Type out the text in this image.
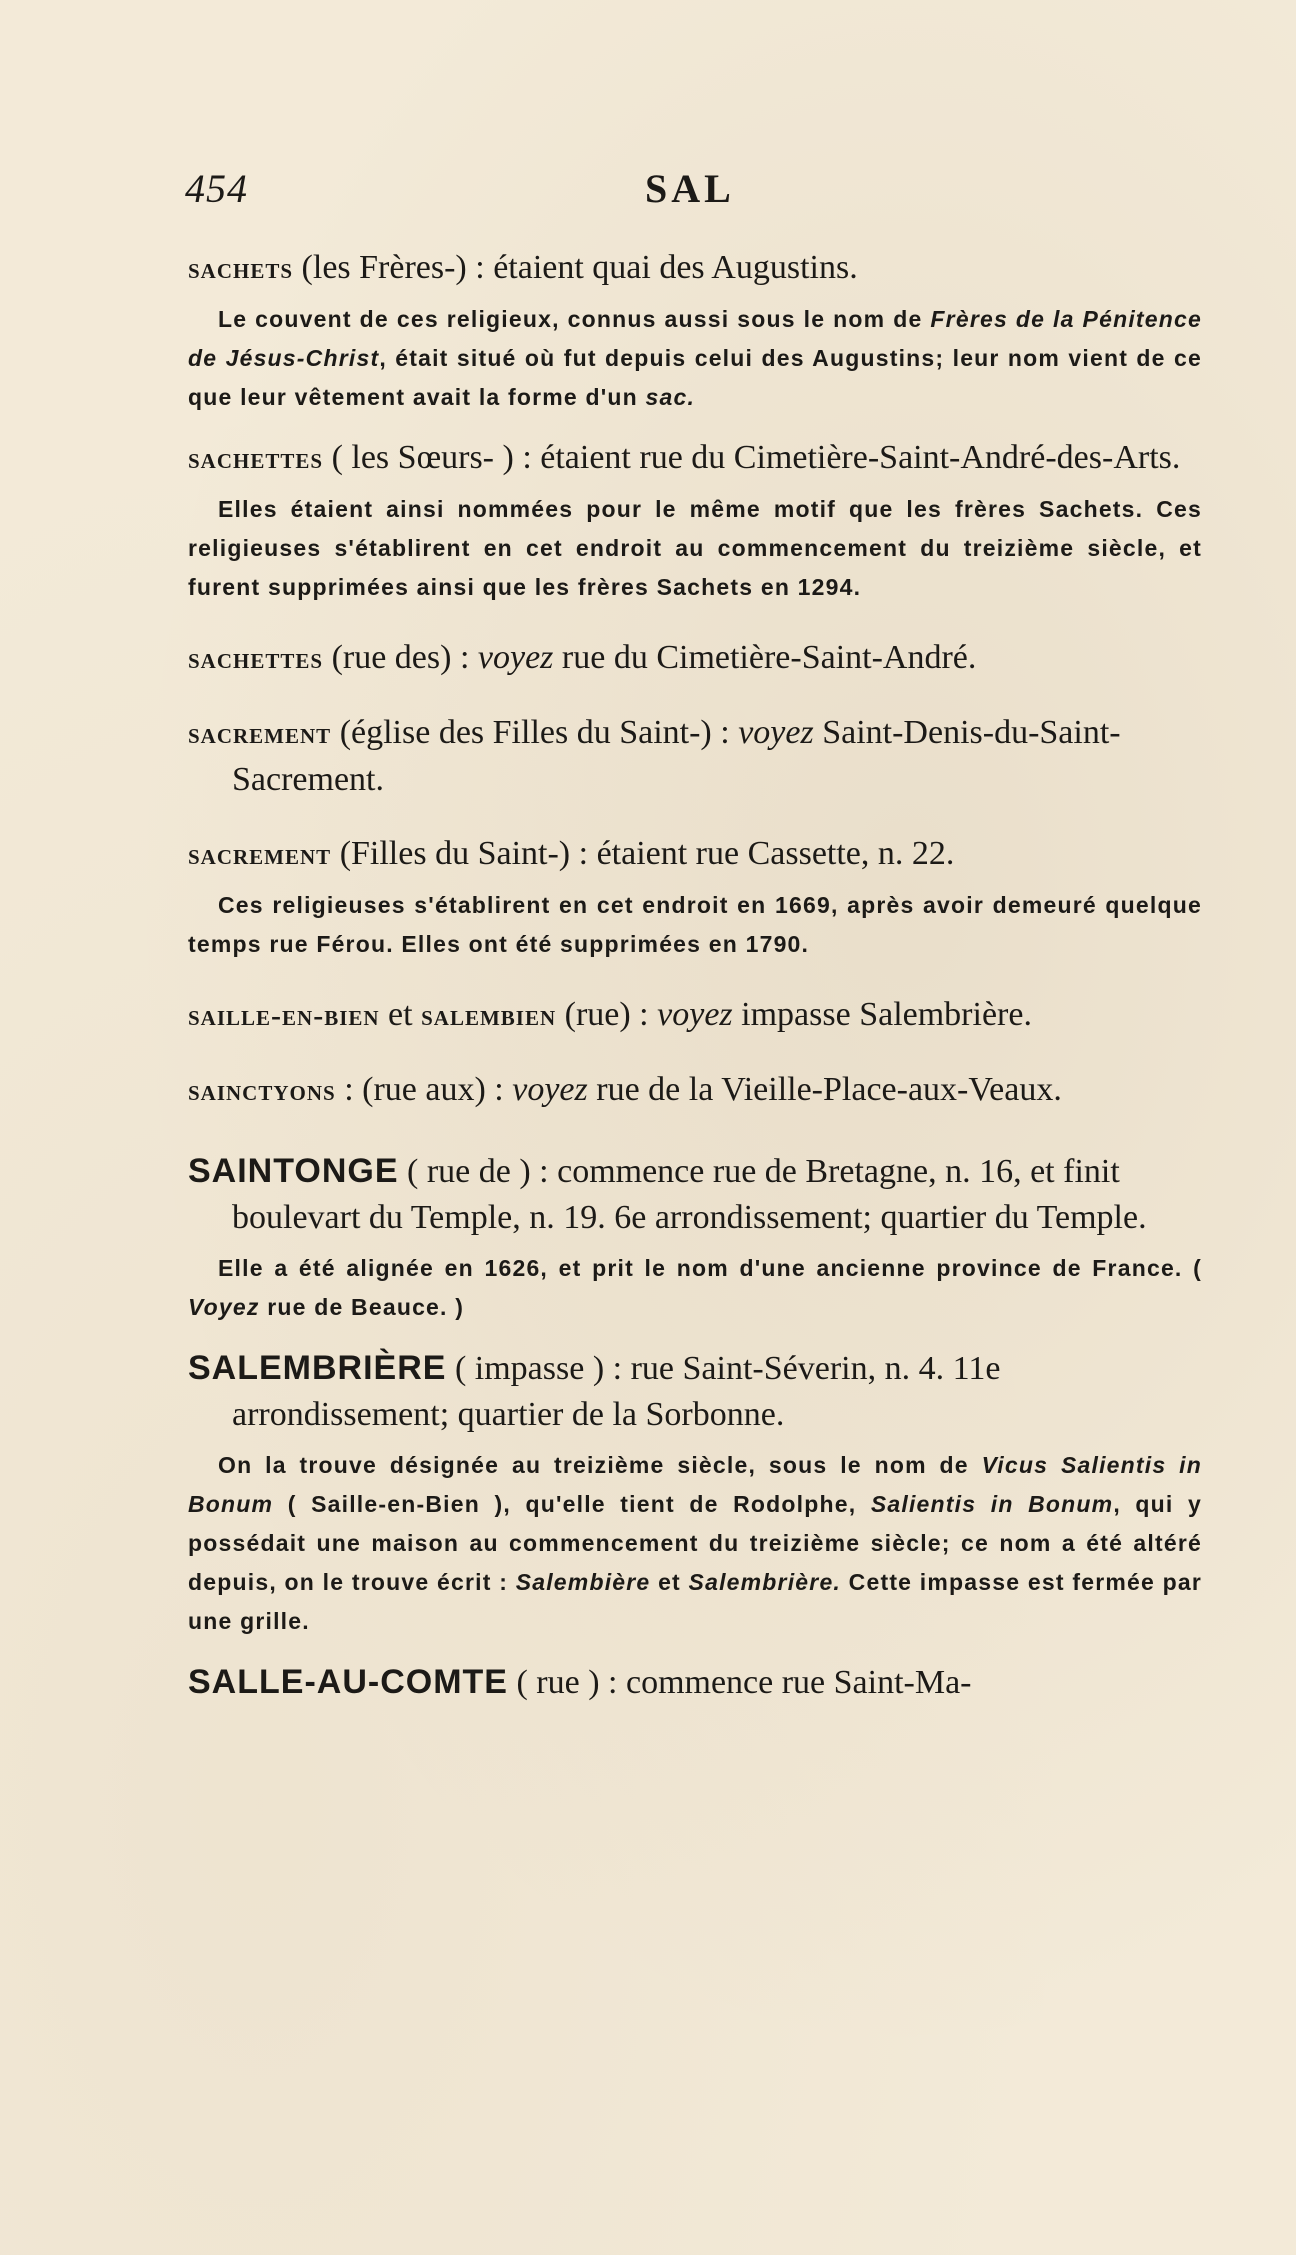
454	SAL

sachets (les Frères-) : étaient quai des Augustins.

Le couvent de ces religieux, connus aussi sous le nom de Frères de la Pénitence de Jésus-Christ, était situé où fut depuis celui des Augustins; leur nom vient de ce que leur vêtement avait la forme d'un sac.

sachettes ( les Sœurs- ) : étaient rue du Cimetière-Saint-André-des-Arts.

Elles étaient ainsi nommées pour le même motif que les frères Sachets. Ces religieuses s'établirent en cet endroit au commencement du treizième siècle, et furent supprimées ainsi que les frères Sachets en 1294.

sachettes (rue des) : voyez rue du Cimetière-Saint-André.

sacrement (église des Filles du Saint-) : voyez Saint-Denis-du-Saint-Sacrement.

sacrement (Filles du Saint-) : étaient rue Cassette, n. 22.

Ces religieuses s'établirent en cet endroit en 1669, après avoir demeuré quelque temps rue Férou. Elles ont été supprimées en 1790.

saille-en-bien et salembien (rue) : voyez impasse Salembrière.

sainctyons : (rue aux) : voyez rue de la Vieille-Place-aux-Veaux.

SAINTONGE ( rue de ) : commence rue de Bretagne, n. 16, et finit boulevart du Temple, n. 19. 6e arrondissement; quartier du Temple.

Elle a été alignée en 1626, et prit le nom d'une ancienne province de France. ( Voyez rue de Beauce. )

SALEMBRIÈRE ( impasse ) : rue Saint-Séverin, n. 4. 11e arrondissement; quartier de la Sorbonne.

On la trouve désignée au treizième siècle, sous le nom de Vicus Salientis in Bonum ( Saille-en-Bien ), qu'elle tient de Rodolphe, Salientis in Bonum, qui y possédait une maison au commencement du treizième siècle; ce nom a été altéré depuis, on le trouve écrit : Salembière et Salembrière. Cette impasse est fermée par une grille.

SALLE-AU-COMTE ( rue ) : commence rue Saint-Ma-
